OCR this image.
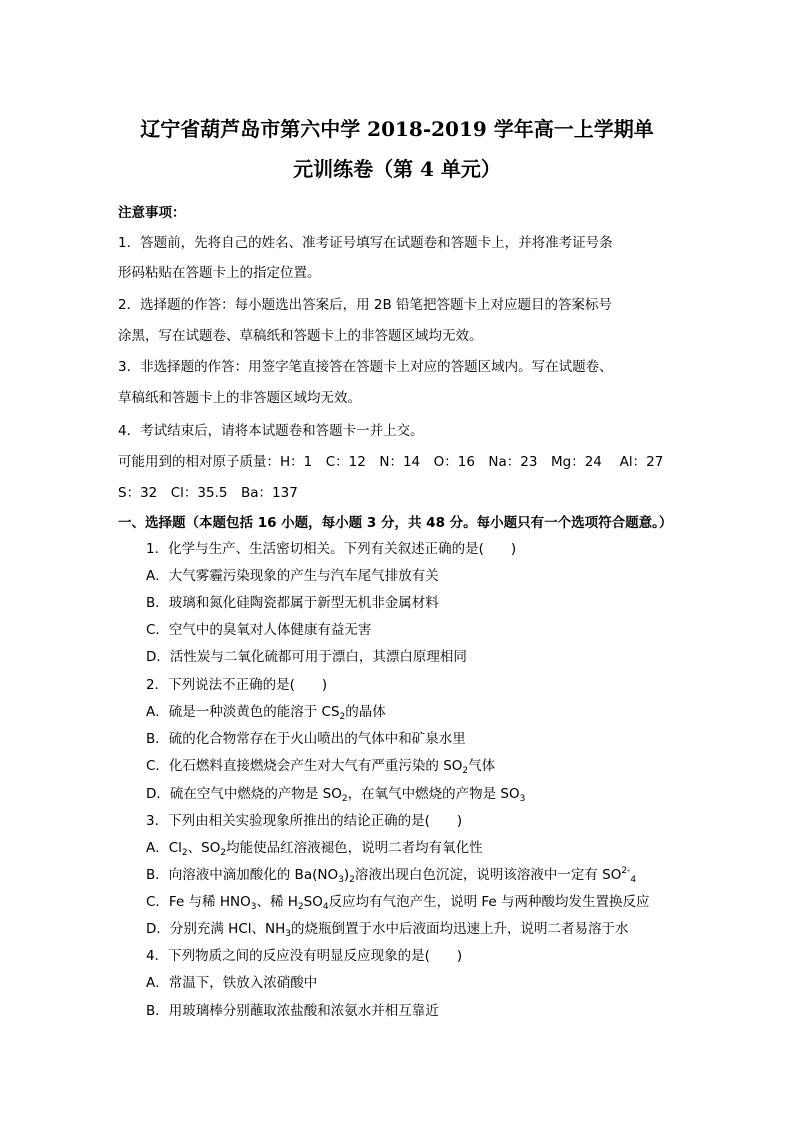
辽宁省葫芦岛市第六中学 2018-2019 学年高一上学期单
元训练卷（第 4 单元）
注意事项：
1．答题前，先将自己的姓名、准考证号填写在试题卷和答题卡上，并将准考证号条
形码粘贴在答题卡上的指定位置。
2．选择题的作答：每小题选出答案后，用 2B 铅笔把答题卡上对应题目的答案标号
涂黑，写在试题卷、草稿纸和答题卡上的非答题区域均无效。
3．非选择题的作答：用签字笔直接答在答题卡上对应的答题区域内。写在试题卷、
草稿纸和答题卡上的非答题区域均无效。
4．考试结束后，请将本试题卷和答题卡一并上交。
可能用到的相对原子质量：H：1　C：12　N：14　O：16　Na：23　Mg：24　 Al：27
S：32　Cl：35.5　Ba：137
一、选择题（本题包括 16 小题，每小题 3 分，共 48 分。每小题只有一个选项符合题意。）
1．化学与生产、生活密切相关。下列有关叙述正确的是(　　)
A．大气雾霾污染现象的产生与汽车尾气排放有关
B．玻璃和氮化硅陶瓷都属于新型无机非金属材料
C．空气中的臭氧对人体健康有益无害
D．活性炭与二氧化硫都可用于漂白，其漂白原理相同
2．下列说法不正确的是(　　)
A．硫是一种淡黄色的能溶于 $CS_2$的晶体
B．硫的化合物常存在于火山喷出的气体中和矿泉水里
C．化石燃料直接燃烧会产生对大气有严重污染的 $SO_2$气体
D．硫在空气中燃烧的产物是 $SO_2$，在氧气中燃烧的产物是 $SO_3$
3．下列由相关实验现象所推出的结论正确的是(　　)
A．$Cl_2$、$SO_2$均能使品红溶液褪色，说明二者均有氧化性
B．向溶液中滴加酸化的 $Ba(NO_3)_2$溶液出现白色沉淀，说明该溶液中一定有 $SO^{2-}_4$
C．Fe 与稀 $HNO_3$、稀 $H_2SO_4$反应均有气泡产生，说明 Fe 与两种酸均发生置换反应
D．分别充满 HCl、$NH_3$的烧瓶倒置于水中后液面均迅速上升，说明二者易溶于水
4．下列物质之间的反应没有明显反应现象的是(　　)
A．常温下，铁放入浓硝酸中
B．用玻璃棒分别蘸取浓盐酸和浓氨水并相互靠近
